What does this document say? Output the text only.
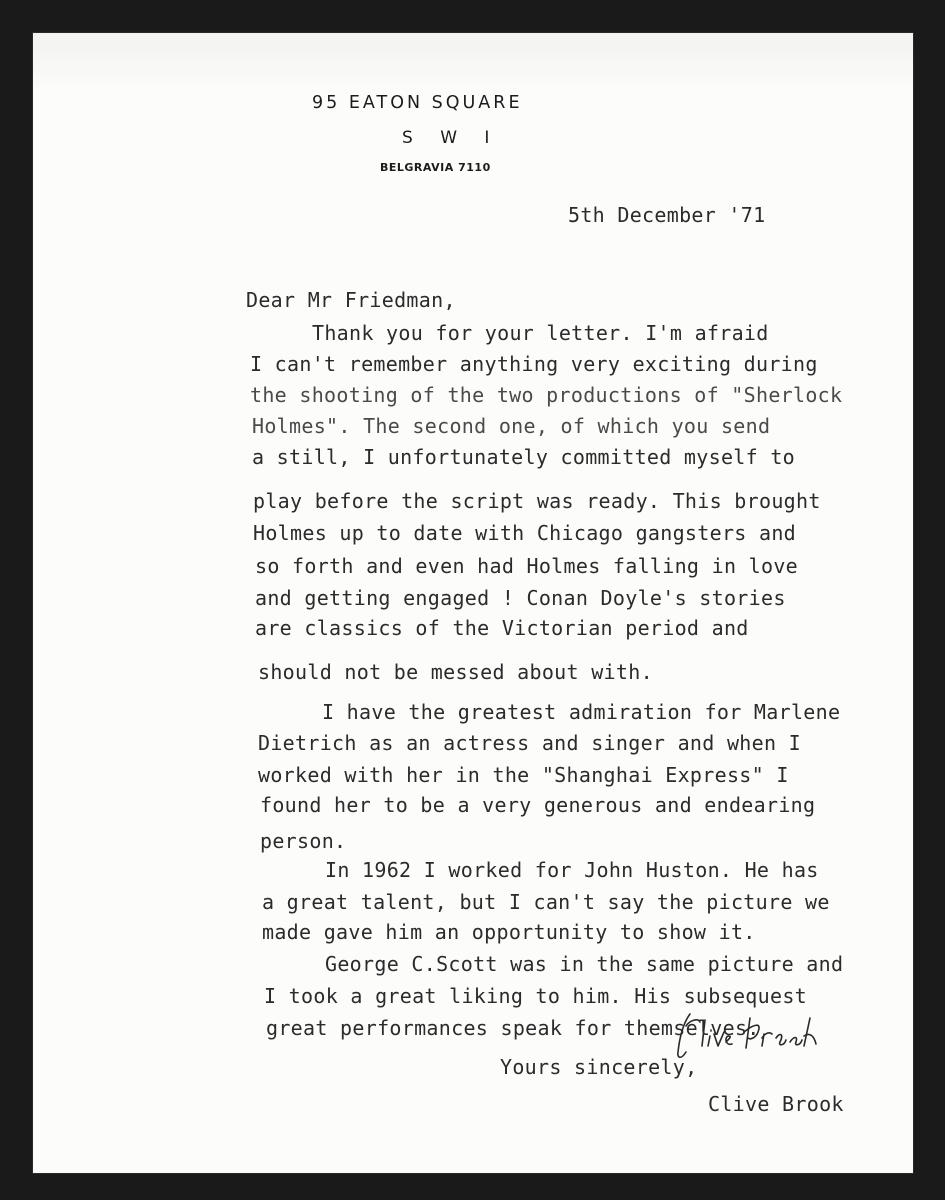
95 EATON SQUARE
S W I
BELGRAVIA 7110
5th December '71
Dear Mr Friedman,
Thank you for your letter. I'm afraid
I can't remember anything very exciting during
the shooting of the two productions of "Sherlock
Holmes". The second one, of which you send
a still, I unfortunately committed myself to
play before the script was ready. This brought
Holmes up to date with Chicago gangsters and
so forth and even had Holmes falling in love
and getting engaged ! Conan Doyle's stories
are classics of the Victorian period and
should not be messed about with.
I have the greatest admiration for Marlene
Dietrich as an actress and singer and when I
worked with her in the "Shanghai Express" I
found her to be a very generous and endearing
person.
In 1962 I worked for John Huston. He has
a great talent, but I can't say the picture we
made gave him an opportunity to show it.
George C.Scott was in the same picture and
I took a great liking to him. His subsequest
great performances speak for themselves.
Yours sincerely,
Clive Brook
